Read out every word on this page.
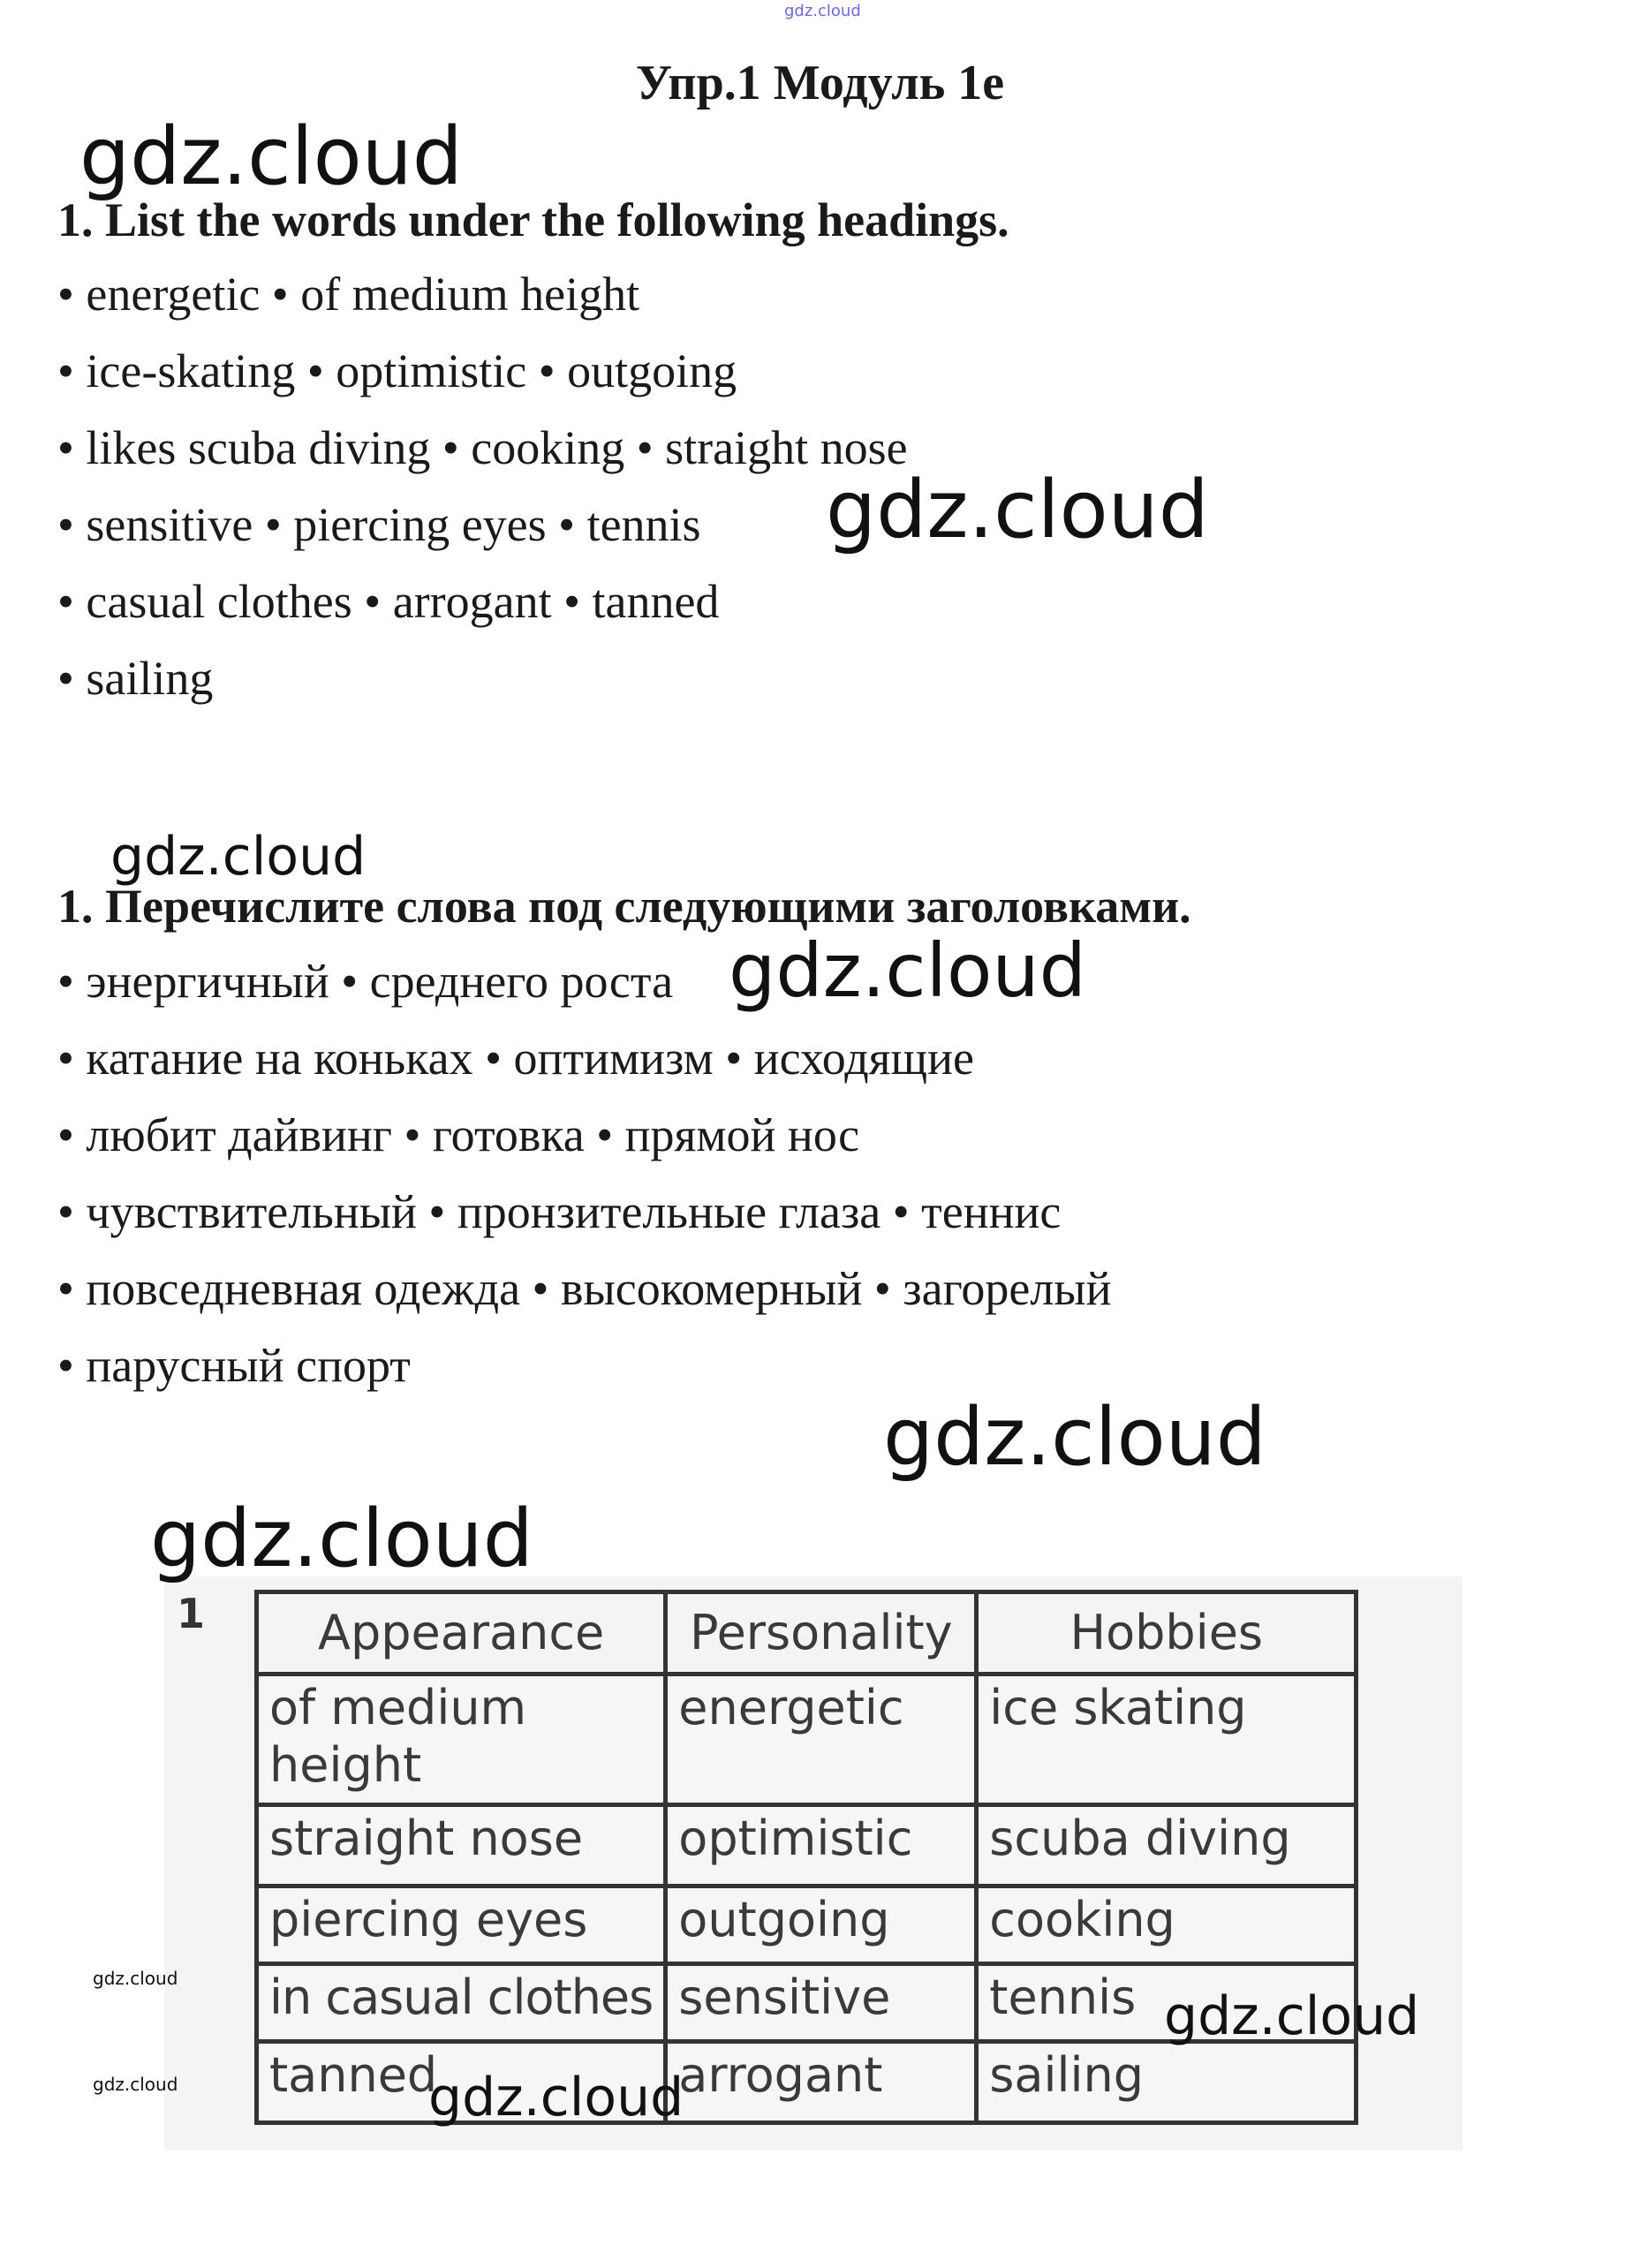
gdz.cloud
Упр.1 Модуль 1е
1. List the words under the following headings.
• energetic • of medium height
• ice-skating • optimistic • outgoing
• likes scuba diving • cooking • straight nose
• sensitive • piercing eyes • tennis
• casual clothes • arrogant • tanned
• sailing
1. Перечислите слова под следующими заголовками.
• энергичный • среднего роста
• катание на коньках • оптимизм • исходящие
• любит дайвинг • готовка • прямой нос
• чувствительный • пронзительные глаза • теннис
• повседневная одежда • высокомерный • загорелый
• парусный спорт
1 Appearance	Personality	Hobbies
of medium height	energetic	ice skating
straight nose	optimistic	scuba diving
piercing eyes	outgoing	cooking
in casual clothes	sensitive	tennis
tanned	arrogant	sailing
gdz.cloud
gdz.cloud
gdz.cloud
gdz.cloud
gdz.cloud
gdz.cloud
gdz.cloud
gdz.cloud
gdz.cloud
gdz.cloud
